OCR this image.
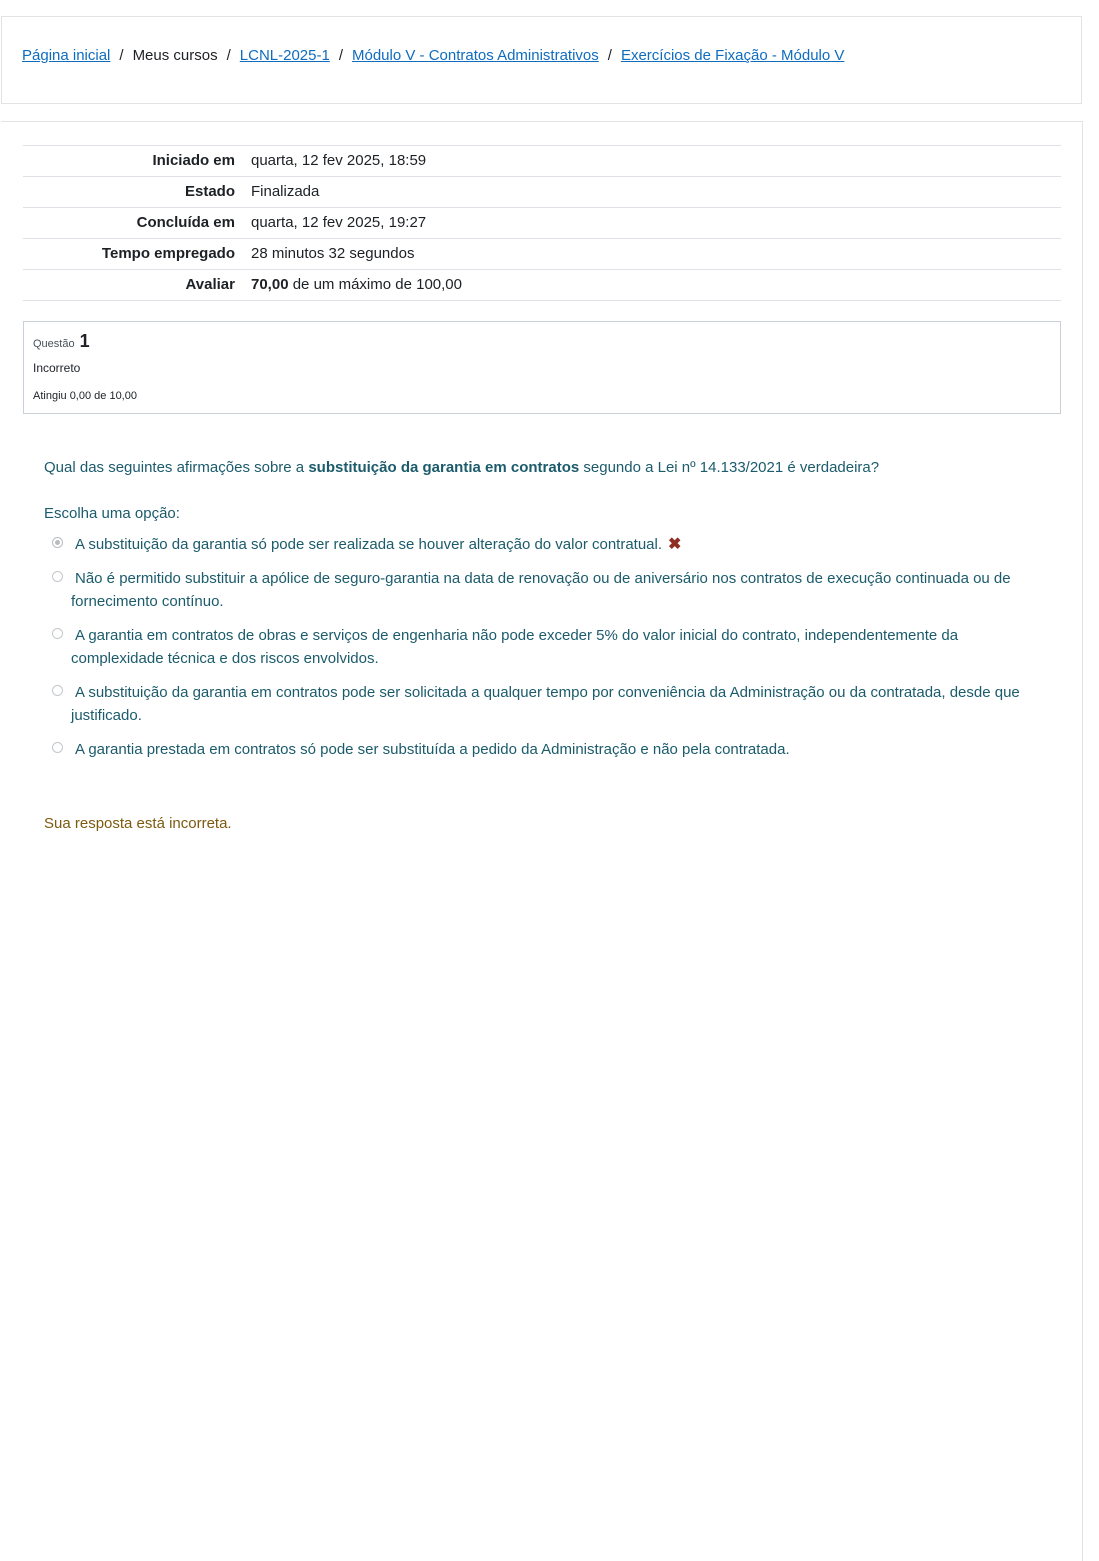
Página inicial / Meus cursos / LCNL-2025-1 / Módulo V - Contratos Administrativos / Exercícios de Fixação - Módulo V
Iniciado em	quarta, 12 fev 2025, 18:59
Estado	Finalizada
Concluída em	quarta, 12 fev 2025, 19:27
Tempo empregado	28 minutos 32 segundos
Avaliar	70,00 de um máximo de 100,00
Questão 1
Incorreto
Atingiu 0,00 de 10,00
Qual das seguintes afirmações sobre a substituição da garantia em contratos segundo a Lei nº 14.133/2021 é verdadeira?
Escolha uma opção:
A substituição da garantia só pode ser realizada se houver alteração do valor contratual. ✖
Não é permitido substituir a apólice de seguro-garantia na data de renovação ou de aniversário nos contratos de execução continuada ou de fornecimento contínuo.
A garantia em contratos de obras e serviços de engenharia não pode exceder 5% do valor inicial do contrato, independentemente da complexidade técnica e dos riscos envolvidos.
A substituição da garantia em contratos pode ser solicitada a qualquer tempo por conveniência da Administração ou da contratada, desde que justificado.
A garantia prestada em contratos só pode ser substituída a pedido da Administração e não pela contratada.
Sua resposta está incorreta.
